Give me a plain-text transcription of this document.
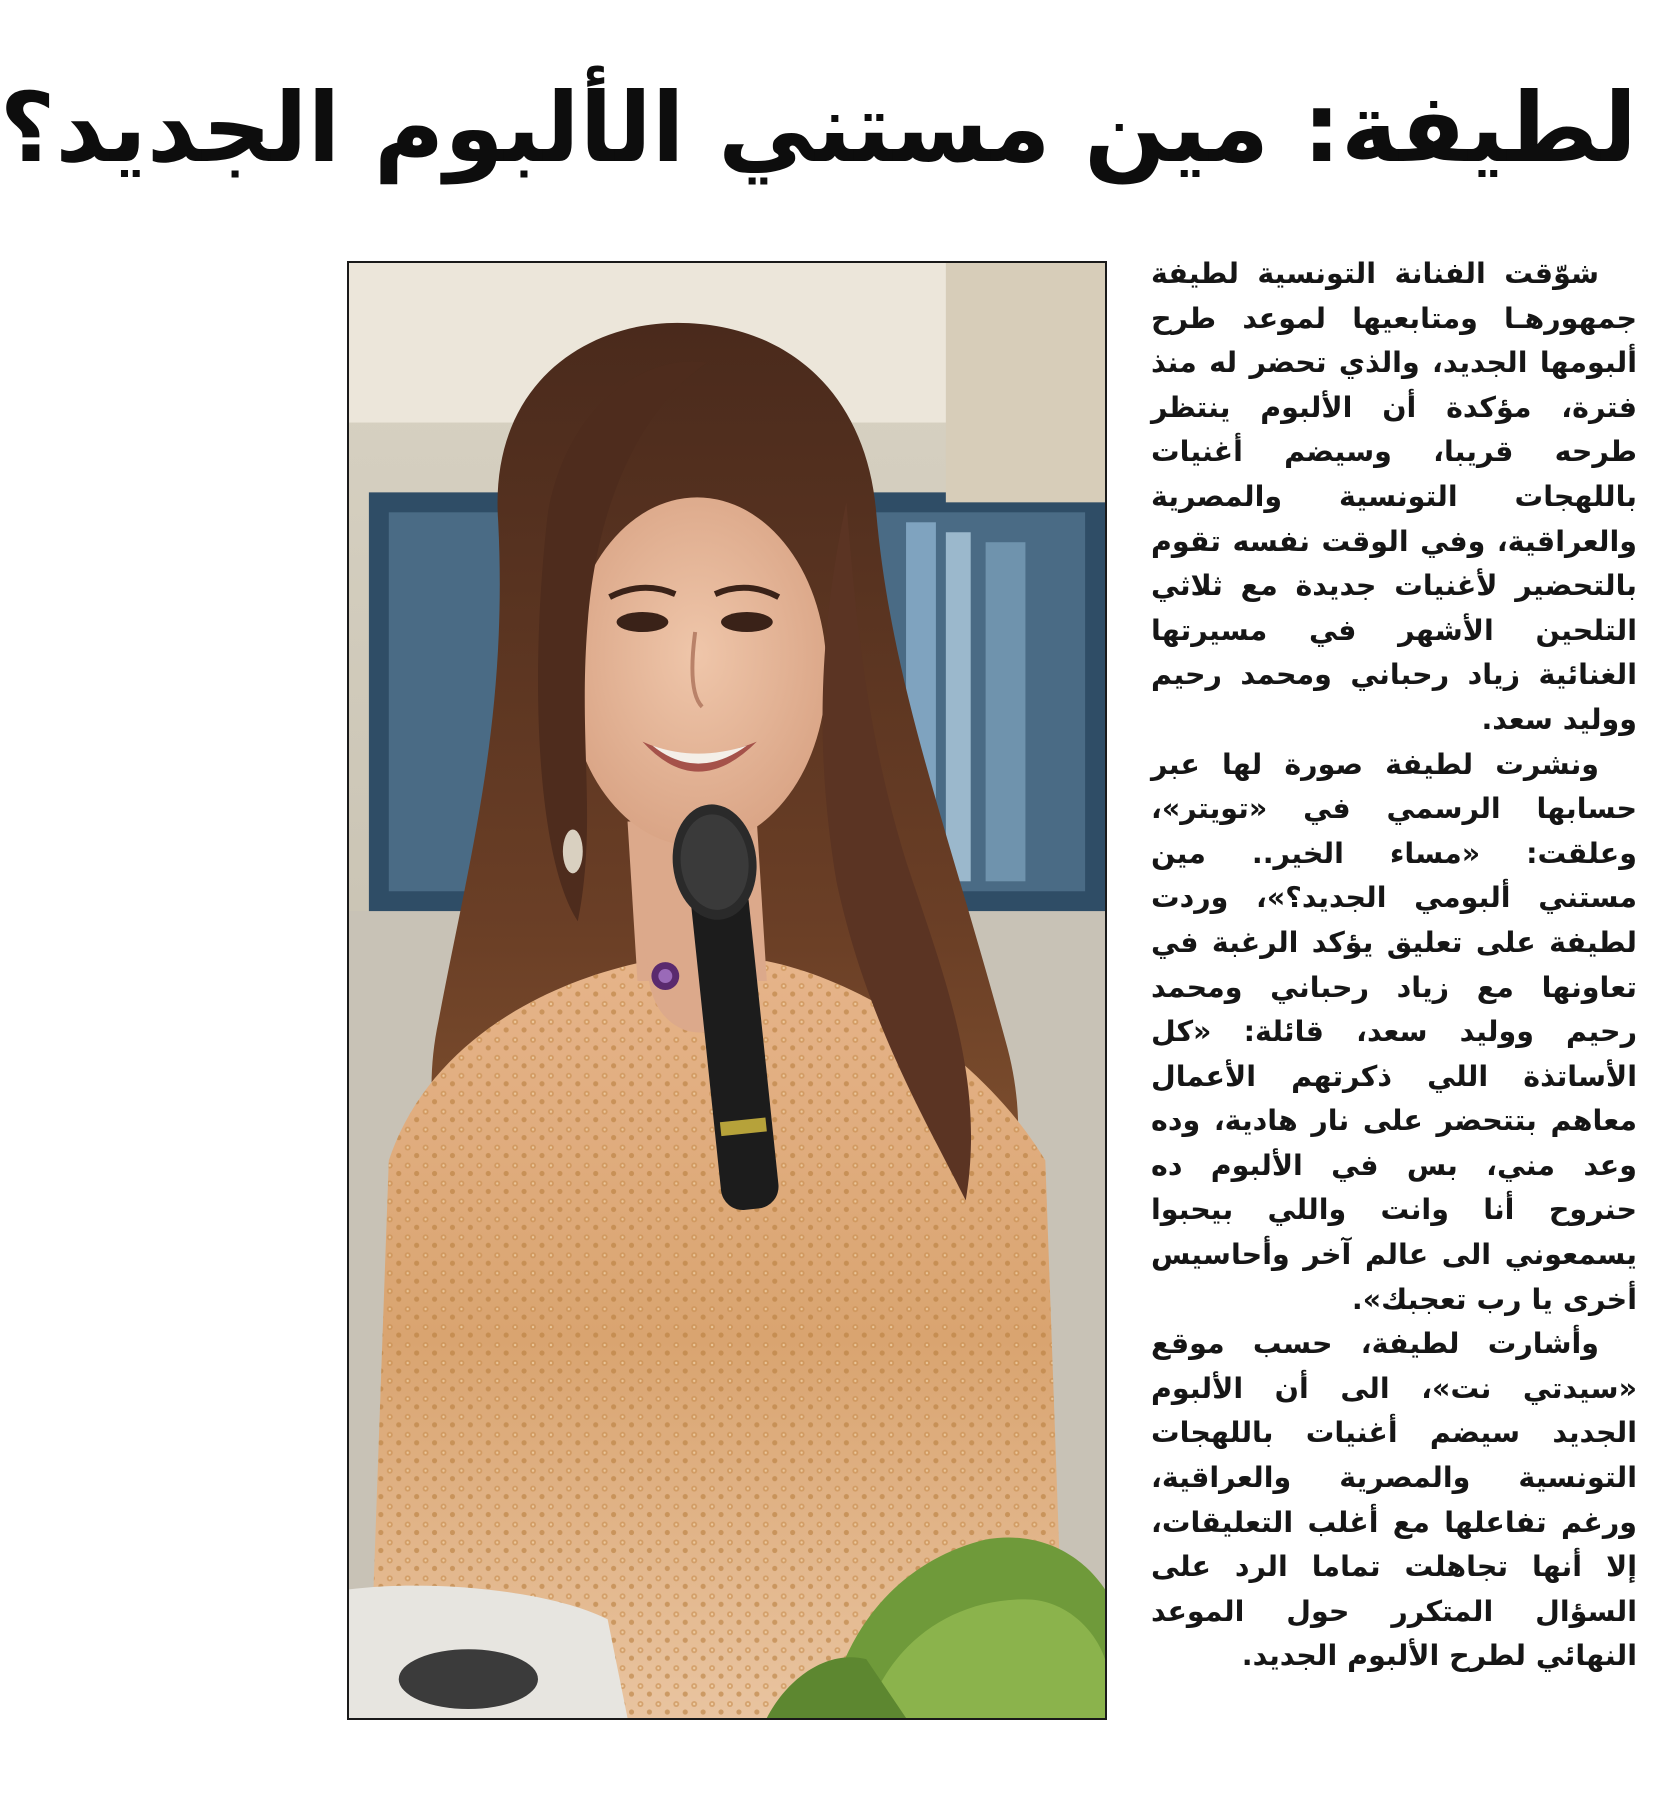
لطيفة: مين مستني الألبوم الجديد؟

شوّقت الفنانة التونسية لطيفة جمهورهـا ومتابعيها لموعد طرح ألبومها الجديد، والذي تحضر له منذ فترة، مؤكدة أن الألبوم ينتظر طرحه قريبا، وسيضم أغنيات باللهجات التونسية والمصرية والعراقية، وفي الوقت نفسه تقوم بالتحضير لأغنيات جديدة مع ثلاثي التلحين الأشهر في مسيرتها الغنائية زياد رحباني ومحمد رحيم ووليد سعد.

ونشرت لطيفة صورة لها عبر حسابها الرسمي في «تويتر»، وعلقت: «مساء الخير.. مين مستني ألبومي الجديد؟»، وردت لطيفة على تعليق يؤكد الرغبة في تعاونها مع زياد رحباني ومحمد رحيم ووليد سعد، قائلة: «كل الأساتذة اللي ذكرتهم الأعمال معاهم بتتحضر على نار هادية، وده وعد مني، بس في الألبوم ده حنروح أنا وانت واللي بيحبوا يسمعوني الى عالم آخر وأحاسيس أخرى يا رب تعجبك».

وأشارت لطيفة، حسب موقع «سيدتي نت»، الى أن الألبوم الجديد سيضم أغنيات باللهجات التونسية والمصرية والعراقية، ورغم تفاعلها مع أغلب التعليقات، إلا أنها تجاهلت تماما الرد على السؤال المتكرر حول الموعد النهائي لطرح الألبوم الجديد.
